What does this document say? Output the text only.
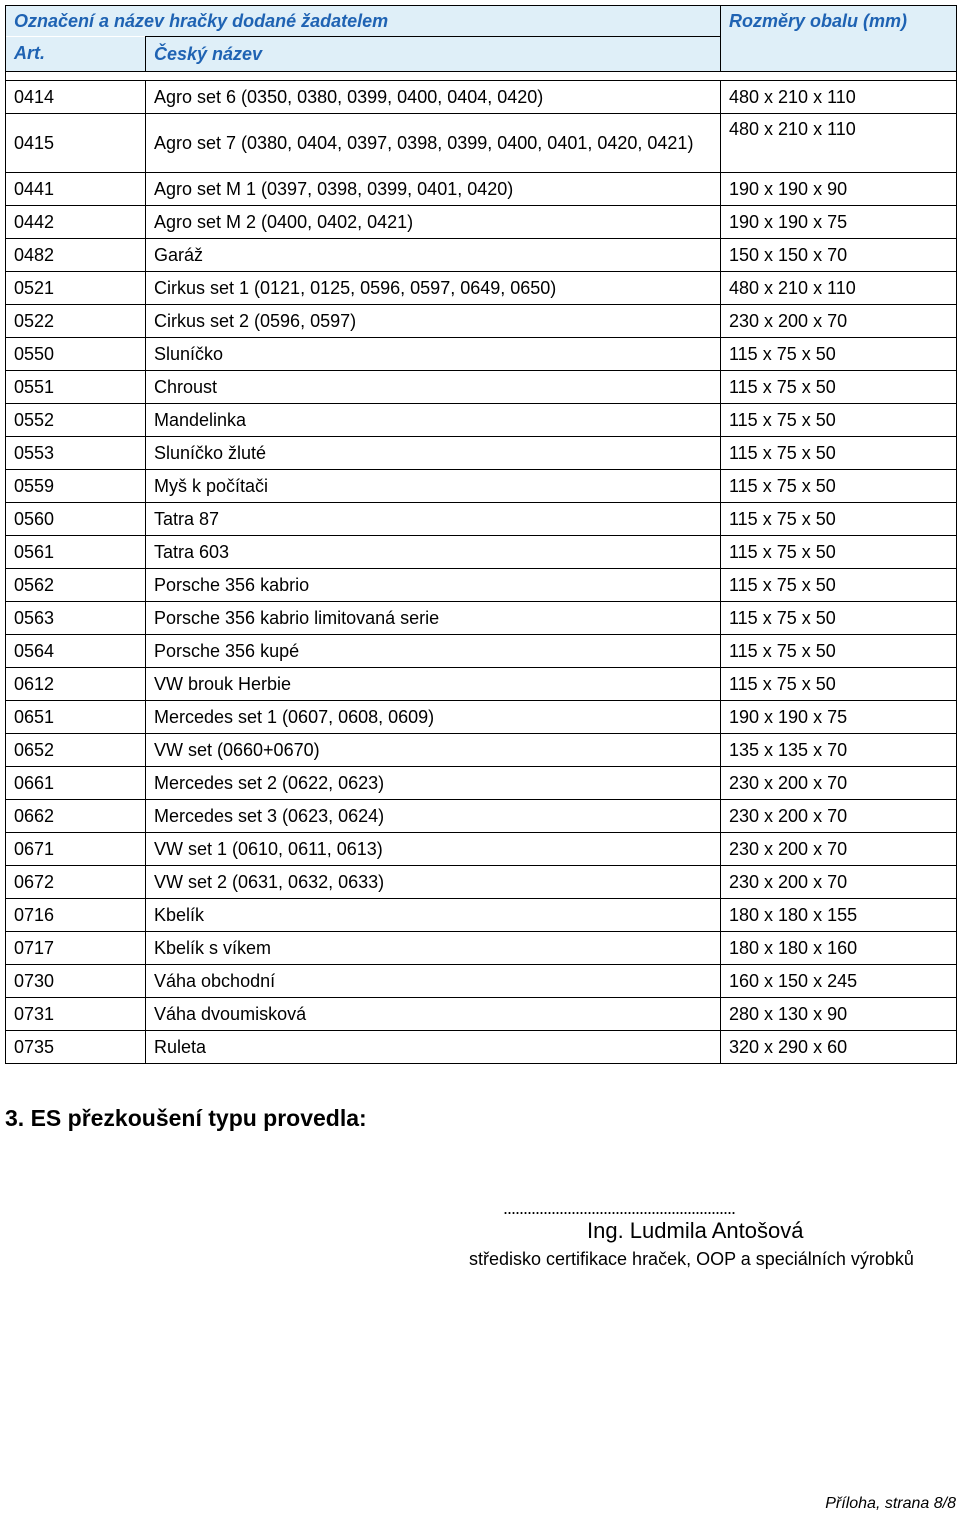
Označení a název hračky dodané žadatelem		Rozměry obalu (mm)
Art.	Český název	

0414	Agro set 6 (0350, 0380, 0399, 0400, 0404, 0420)	480 x 210 x 110
0415	Agro set 7 (0380, 0404, 0397, 0398, 0399, 0400, 0401, 0420, 0421)	480 x 210 x 110
0441	Agro set M 1 (0397, 0398, 0399, 0401, 0420)	190 x 190 x 90
0442	Agro set M 2 (0400, 0402, 0421)	190 x 190 x 75
0482	Garáž	150 x 150 x 70
0521	Cirkus set 1 (0121, 0125, 0596, 0597, 0649, 0650)	480 x 210 x 110
0522	Cirkus set 2 (0596, 0597)	230 x 200 x 70
0550	Sluníčko	115 x 75 x 50
0551	Chroust	115 x 75 x 50
0552	Mandelinka	115 x 75 x 50
0553	Sluníčko žluté	115 x 75 x 50
0559	Myš k počítači	115 x 75 x 50
0560	Tatra 87	115 x 75 x 50
0561	Tatra 603	115 x 75 x 50
0562	Porsche 356 kabrio	115 x 75 x 50
0563	Porsche 356 kabrio limitovaná serie	115 x 75 x 50
0564	Porsche 356 kupé	115 x 75 x 50
0612	VW brouk Herbie	115 x 75 x 50
0651	Mercedes set 1 (0607, 0608, 0609)	190 x 190 x 75
0652	VW set (0660+0670)	135 x 135 x 70
0661	Mercedes set 2 (0622, 0623)	230 x 200 x 70
0662	Mercedes set 3 (0623, 0624)	230 x 200 x 70
0671	VW set 1 (0610, 0611, 0613)	230 x 200 x 70
0672	VW set 2 (0631, 0632, 0633)	230 x 200 x 70
0716	Kbelík	180 x 180 x 155
0717	Kbelík s víkem	180 x 180 x 160
0730	Váha obchodní	160 x 150 x 245
0731	Váha dvoumisková	280 x 130 x 90
0735	Ruleta	320 x 290 x 60
3. ES přezkoušení typu provedla:
..........................................................
Ing. Ludmila Antošová
středisko certifikace hraček, OOP a speciálních výrobků
Příloha, strana 8/8
